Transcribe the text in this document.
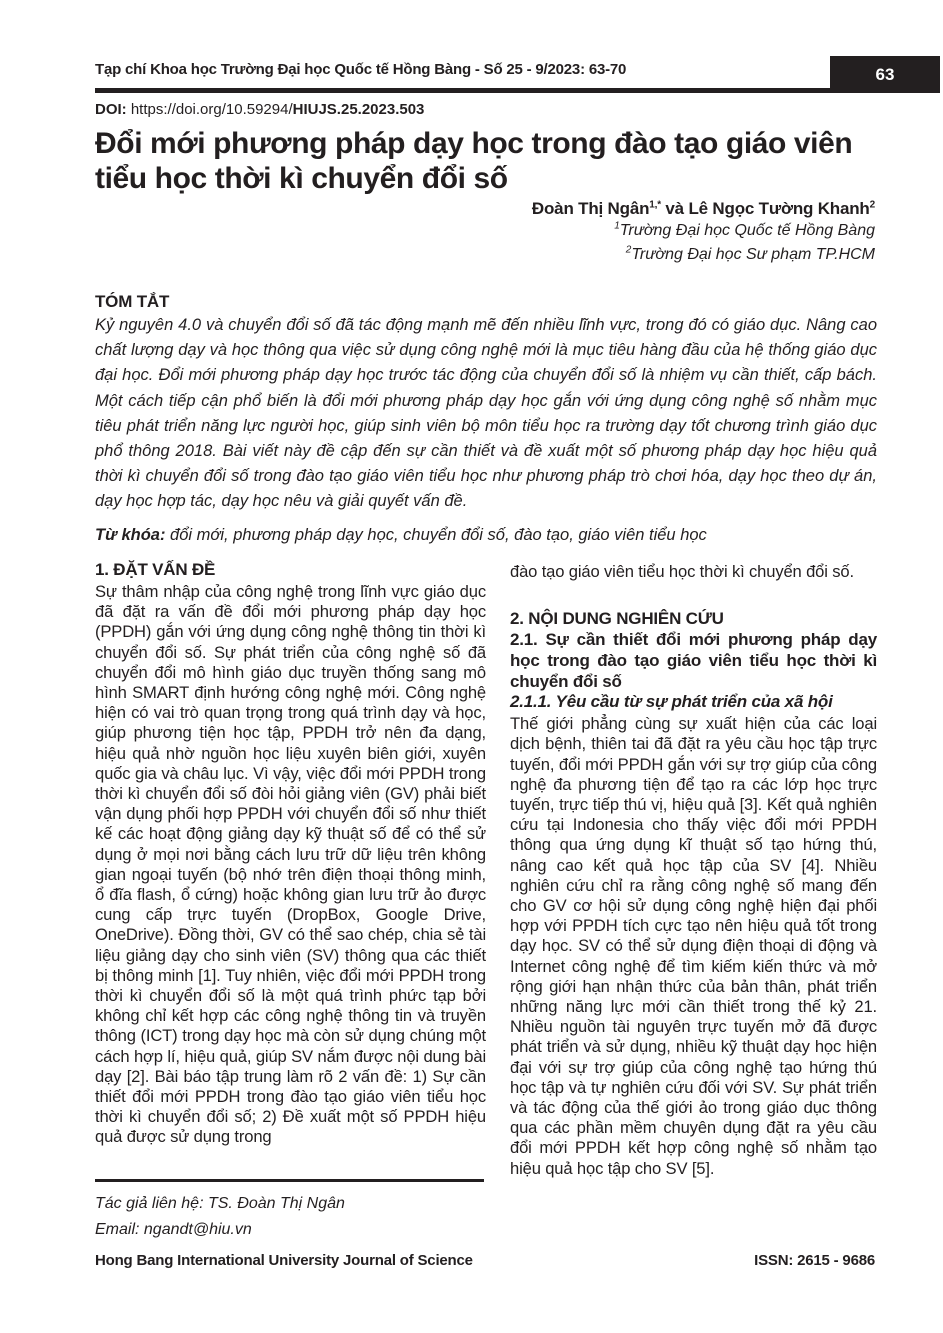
Tạp chí Khoa học Trường Đại học Quốc tế Hồng Bàng - Số 25 - 9/2023: 63-70	63
DOI: https://doi.org/10.59294/HIUJS.25.2023.503
Đổi mới phương pháp dạy học trong đào tạo giáo viên tiểu học thời kì chuyển đổi số
Đoàn Thị Ngân$^{1,*}$ và Lê Ngọc Tường Khanh$^2$
$^1$Trường Đại học Quốc tế Hồng Bàng
$^2$Trường Đại học Sư phạm TP.HCM
TÓM TẮT
Kỷ nguyên 4.0 và chuyển đổi số đã tác động mạnh mẽ đến nhiều lĩnh vực, trong đó có giáo dục. Nâng cao chất lượng dạy và học thông qua việc sử dụng công nghệ mới là mục tiêu hàng đầu của hệ thống giáo dục đại học. Đổi mới phương pháp dạy học trước tác động của chuyển đổi số là nhiệm vụ cần thiết, cấp bách. Một cách tiếp cận phổ biến là đổi mới phương pháp dạy học gắn với ứng dụng công nghệ số nhằm mục tiêu phát triển năng lực người học, giúp sinh viên bộ môn tiểu học ra trường dạy tốt chương trình giáo dục phổ thông 2018. Bài viết này đề cập đến sự cần thiết và đề xuất một số phương pháp dạy học hiệu quả thời kì chuyển đổi số trong đào tạo giáo viên tiểu học như phương pháp trò chơi hóa, dạy học theo dự án, dạy học hợp tác, dạy học nêu và giải quyết vấn đề.
Từ khóa: đổi mới, phương pháp dạy học, chuyển đổi số, đào tạo, giáo viên tiểu học
1. ĐẶT VẤN ĐỀ

Sự thâm nhập của công nghệ trong lĩnh vực giáo dục đã đặt ra vấn đề đổi mới phương pháp dạy học (PPDH) gắn với ứng dụng công nghệ thông tin thời kì chuyển đổi số. Sự phát triển của công nghệ số đã chuyển đổi mô hình giáo dục truyền thống sang mô hình SMART định hướng công nghệ mới. Công nghệ hiện có vai trò quan trọng trong quá trình dạy và học, giúp phương tiện học tập, PPDH trở nên đa dạng, hiệu quả nhờ nguồn học liệu xuyên biên giới, xuyên quốc gia và châu lục. Vì vậy, việc đổi mới PPDH trong thời kì chuyển đổi số đòi hỏi giảng viên (GV) phải biết vận dụng phối hợp PPDH với chuyển đổi số như thiết kế các hoạt động giảng dạy kỹ thuật số để có thể sử dụng ở mọi nơi bằng cách lưu trữ dữ liệu trên không gian ngoại tuyến (bộ nhớ trên điện thoại thông minh, ổ đĩa flash, ổ cứng) hoặc không gian lưu trữ ảo được cung cấp trực tuyến (DropBox, Google Drive, OneDrive). Đồng thời, GV có thể sao chép, chia sẻ tài liệu giảng dạy cho sinh viên (SV) thông qua các thiết bị thông minh [1]. Tuy nhiên, việc đổi mới PPDH trong thời kì chuyển đổi số là một quá trình phức tạp bởi không chỉ kết hợp các công nghệ thông tin và truyền thông (ICT) trong dạy học mà còn sử dụng chúng một cách hợp lí, hiệu quả, giúp SV nắm được nội dung bài dạy [2]. Bài báo tập trung làm rõ 2 vấn đề: 1) Sự cần thiết đổi mới PPDH trong đào tạo giáo viên tiểu học thời kì chuyển đổi số; 2) Đề xuất một số PPDH hiệu quả được sử dụng trong

đào tạo giáo viên tiểu học thời kì chuyển đổi số.

2. NỘI DUNG NGHIÊN CỨU
2.1. Sự cần thiết đổi mới phương pháp dạy học trong đào tạo giáo viên tiểu học thời kì chuyển đổi số
2.1.1. Yêu cầu từ sự phát triển của xã hội

Thế giới phẳng cùng sự xuất hiện của các loại dịch bệnh, thiên tai đã đặt ra yêu cầu học tập trực tuyến, đổi mới PPDH gắn với sự trợ giúp của công nghệ đa phương tiện để tạo ra các lớp học trực tuyến, trực tiếp thú vị, hiệu quả [3]. Kết quả nghiên cứu tại Indonesia cho thấy việc đổi mới PPDH thông qua ứng dụng kĩ thuật số tạo hứng thú, nâng cao kết quả học tập của SV [4]. Nhiều nghiên cứu chỉ ra rằng công nghệ số mang đến cho GV cơ hội sử dụng công nghệ hiện đại phối hợp với PPDH tích cực tạo nên hiệu quả tốt trong dạy học. SV có thể sử dụng điện thoại di động và Internet công nghệ để tìm kiếm kiến thức và mở rộng giới hạn nhận thức của bản thân, phát triển những năng lực mới cần thiết trong thế kỷ 21. Nhiều nguồn tài nguyên trực tuyến mở đã được phát triển và sử dụng, nhiều kỹ thuật dạy học hiện đại với sự trợ giúp của công nghệ tạo hứng thú học tập và tự nghiên cứu đối với SV. Sự phát triển và tác động của thế giới ảo trong giáo dục thông qua các phần mềm chuyên dụng đặt ra yêu cầu đổi mới PPDH kết hợp công nghệ số nhằm tạo hiệu quả học tập cho SV [5].

Tác giả liên hệ: TS. Đoàn Thị Ngân
Email: ngandt@hiu.vn
Hong Bang International University Journal of Science	ISSN: 2615 - 9686
